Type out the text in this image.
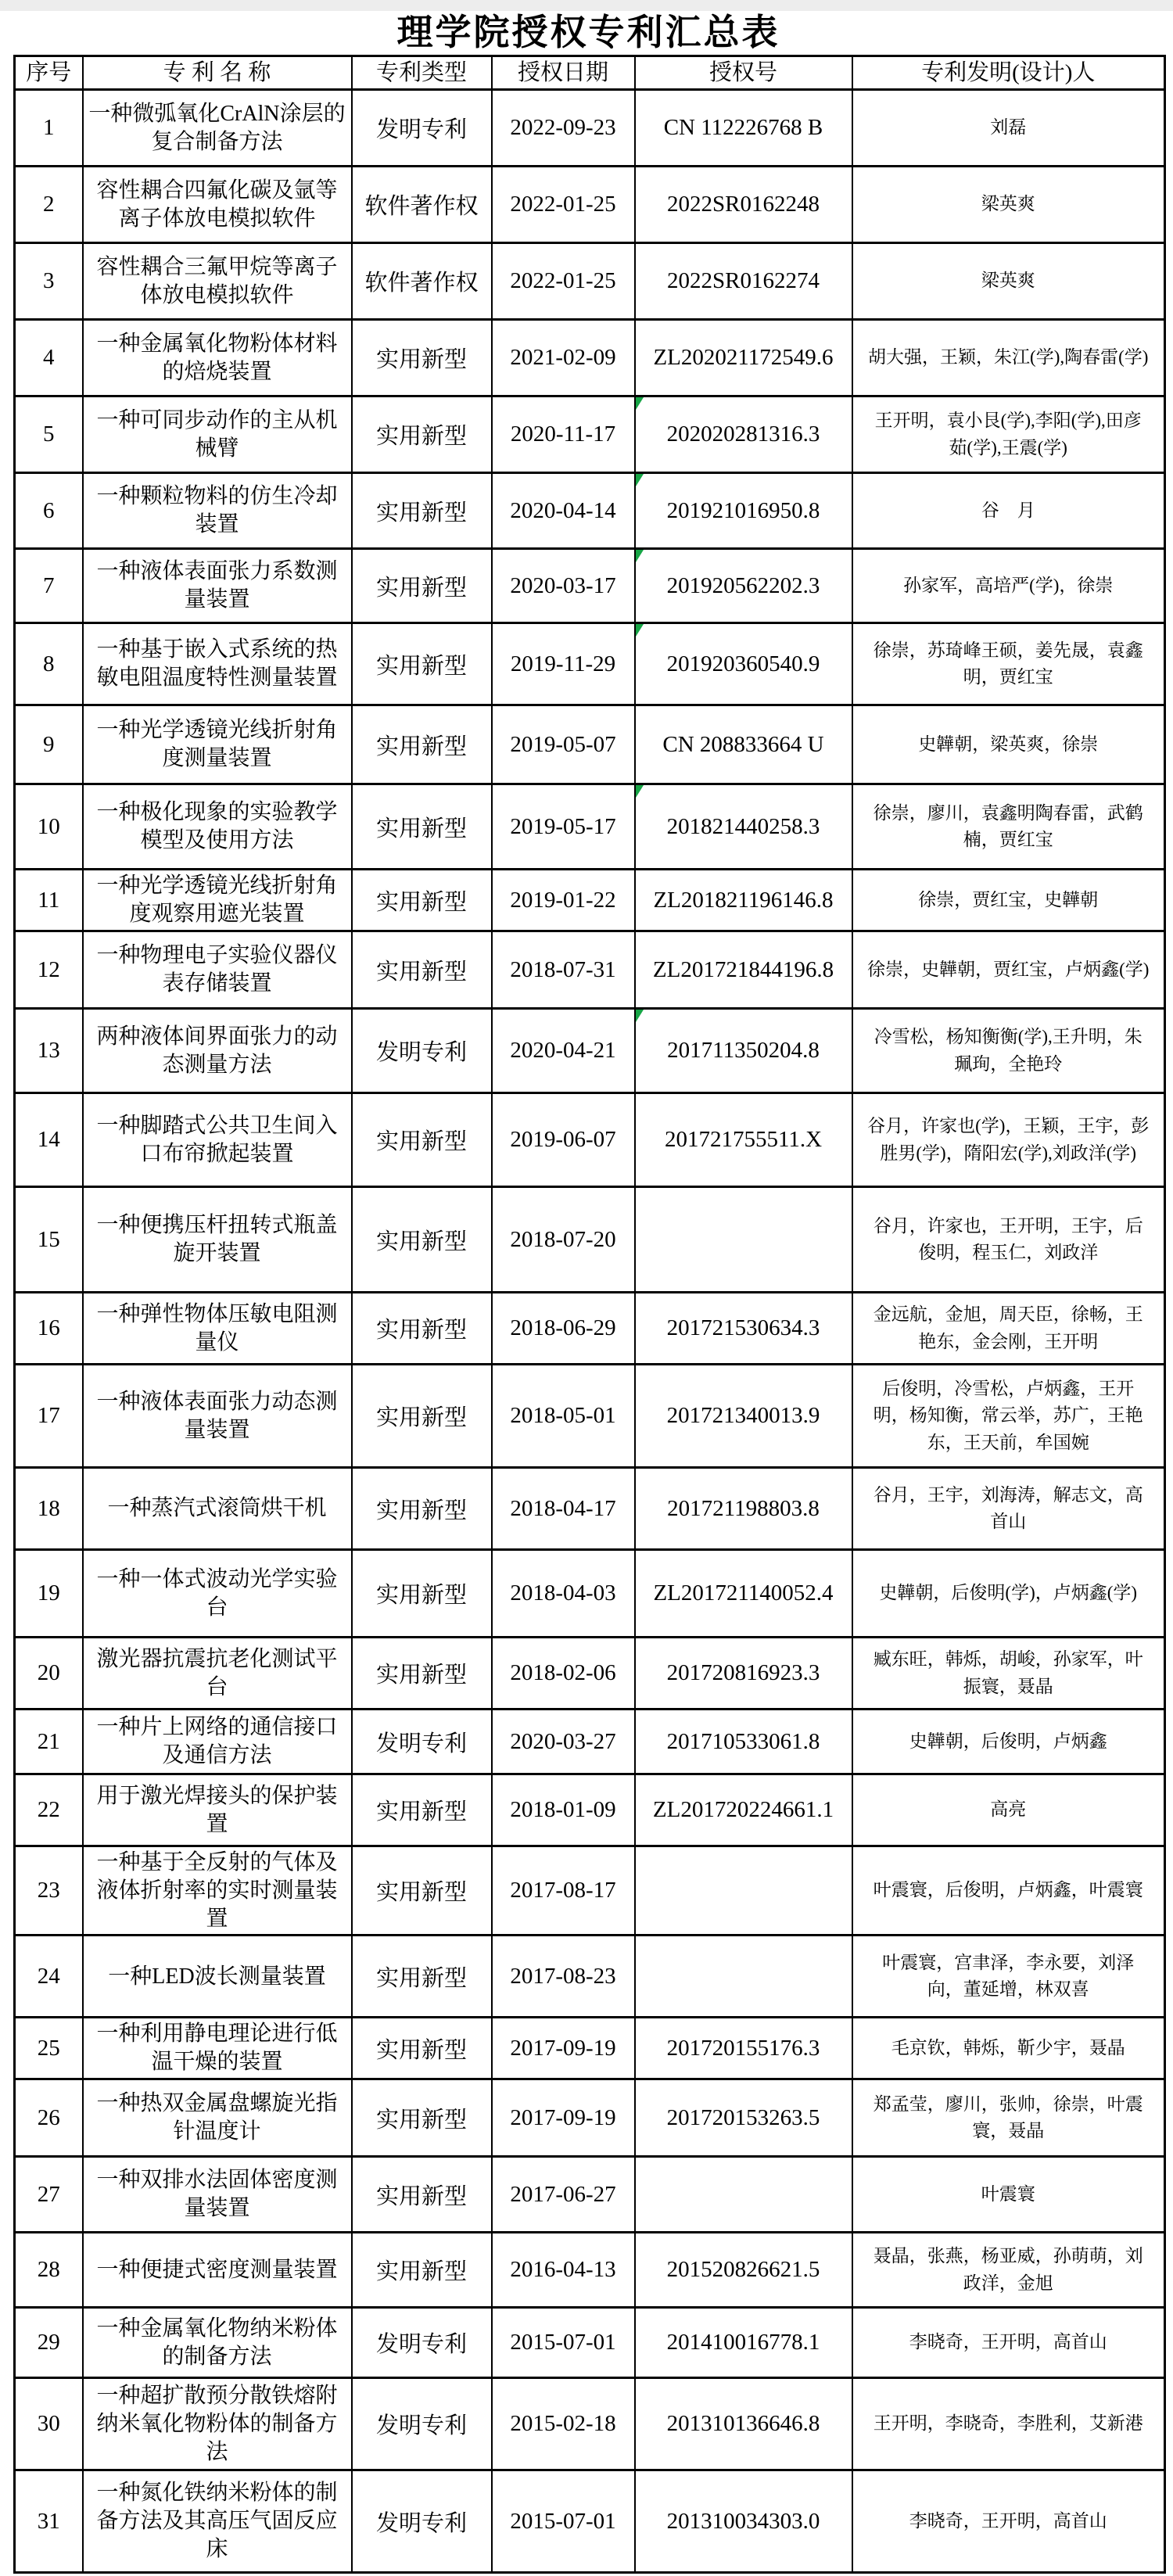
理学院授权专利汇总表
序号	专 利 名 称	专利类型	授权日期	授权号	专利发明(设计)人
1	一种微弧氧化CrAlN涂层的复合制备方法	发明专利	2022-09-23	CN 112226768 B	刘磊
2	容性耦合四氟化碳及氩等离子体放电模拟软件	软件著作权	2022-01-25	2022SR0162248	梁英爽
3	容性耦合三氟甲烷等离子体放电模拟软件	软件著作权	2022-01-25	2022SR0162274	梁英爽
4	一种金属氧化物粉体材料的焙烧装置	实用新型	2021-02-09	ZL202021172549.6	胡大强，王颖，朱江(学),陶春雷(学)
5	一种可同步动作的主从机械臂	实用新型	2020-11-17	202020281316.3	王开明，袁小艮(学),李阳(学),田彦茹(学),王震(学)
6	一种颗粒物料的仿生冷却装置	实用新型	2020-04-14	201921016950.8	谷　月
7	一种液体表面张力系数测量装置	实用新型	2020-03-17	201920562202.3	孙家军，高培严(学)，徐崇
8	一种基于嵌入式系统的热敏电阻温度特性测量装置	实用新型	2019-11-29	201920360540.9	徐崇，苏琦峰王硕，姜先晟，袁鑫明，贾红宝
9	一种光学透镜光线折射角度测量装置	实用新型	2019-05-07	CN 208833664 U	史韡朝，梁英爽，徐崇
10	一种极化现象的实验教学模型及使用方法	实用新型	2019-05-17	201821440258.3	徐崇，廖川，袁鑫明陶春雷，武鹤楠，贾红宝
11	一种光学透镜光线折射角度观察用遮光装置	实用新型	2019-01-22	ZL201821196146.8	徐崇，贾红宝，史韡朝
12	一种物理电子实验仪器仪表存储装置	实用新型	2018-07-31	ZL201721844196.8	徐崇，史韡朝，贾红宝，卢炳鑫(学)
13	两种液体间界面张力的动态测量方法	发明专利	2020-04-21	201711350204.8	冷雪松，杨知衡衡(学),王升明，朱珮珣，全艳玲
14	一种脚踏式公共卫生间入口布帘掀起装置	实用新型	2019-06-07	201721755511.X	谷月，许家也(学)，王颖，王宇，彭胜男(学)，隋阳宏(学),刘政洋(学)
15	一种便携压杆扭转式瓶盖旋开装置	实用新型	2018-07-20		谷月，许家也，王开明，王宇，后俊明，程玉仁，刘政洋
16	一种弹性物体压敏电阻测量仪	实用新型	2018-06-29	201721530634.3	金远航，金旭，周天臣，徐畅，王艳东，金会刚，王开明
17	一种液体表面张力动态测量装置	实用新型	2018-05-01	201721340013.9	后俊明，冷雪松，卢炳鑫，王开明，杨知衡，常云举，苏广，王艳东，王天前，牟国婉
18	一种蒸汽式滚筒烘干机	实用新型	2018-04-17	201721198803.8	谷月，王宇，刘海涛，解志文，高首山
19	一种一体式波动光学实验台	实用新型	2018-04-03	ZL201721140052.4	史韡朝，后俊明(学)，卢炳鑫(学)
20	激光器抗震抗老化测试平台	实用新型	2018-02-06	201720816923.3	臧东旺，韩烁，胡峻，孙家军，叶振寰，聂晶
21	一种片上网络的通信接口及通信方法	发明专利	2020-03-27	201710533061.8	史韡朝，后俊明，卢炳鑫
22	用于激光焊接头的保护装置	实用新型	2018-01-09	ZL201720224661.1	高亮
23	一种基于全反射的气体及液体折射率的实时测量装置	实用新型	2017-08-17		叶震寰，后俊明，卢炳鑫，叶震寰
24	一种LED波长测量装置	实用新型	2017-08-23		叶震寰，宫聿泽，李永要，刘泽向，董延增，林双喜
25	一种利用静电理论进行低温干燥的装置	实用新型	2017-09-19	201720155176.3	毛京钦，韩烁，靳少宇，聂晶
26	一种热双金属盘螺旋光指针温度计	实用新型	2017-09-19	201720153263.5	郑孟莹，廖川，张帅，徐崇，叶震寰，聂晶
27	一种双排水法固体密度测量装置	实用新型	2017-06-27		叶震寰
28	一种便捷式密度测量装置	实用新型	2016-04-13	201520826621.5	聂晶，张燕，杨亚威，孙萌萌，刘政洋，金旭
29	一种金属氧化物纳米粉体的制备方法	发明专利	2015-07-01	201410016778.1	李晓奇，王开明，高首山
30	一种超扩散预分散铁熔附纳米氧化物粉体的制备方法	发明专利	2015-02-18	201310136646.8	王开明，李晓奇，李胜利，艾新港
31	一种氮化铁纳米粉体的制备方法及其高压气固反应床	发明专利	2015-07-01	201310034303.0	李晓奇，王开明，高首山
